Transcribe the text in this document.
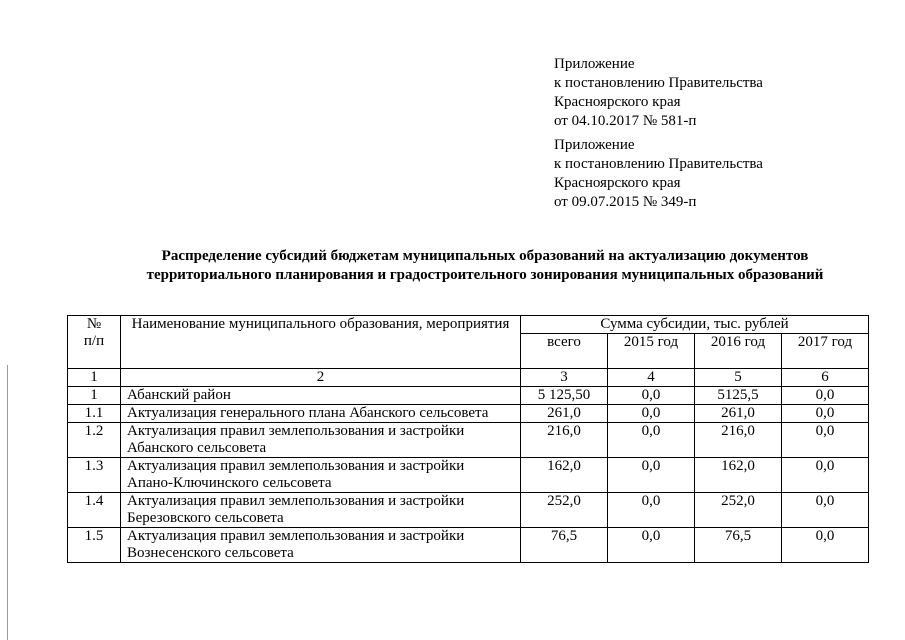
Приложение
к постановлению Правительства
Красноярского края
от 04.10.2017 № 581-п
Приложение
к постановлению Правительства
Красноярского края
от 09.07.2015 № 349-п
Распределение субсидий бюджетам муниципальных образований на актуализацию документов
территориального планирования и градостроительного зонирования муниципальных образований
№
п/п	Наименование муниципального образования, мероприятия	Сумма субсидии, тыс. рублей			
		всего	2015 год	2016 год	2017 год
1	2	3	4	5	6
1	Абанский район	5 125,50	0,0	5125,5	0,0
1.1	Актуализация генерального плана Абанского сельсовета	261,0	0,0	261,0	0,0
1.2	Актуализация правил землепользования и застройки
Абанского сельсовета	216,0	0,0	216,0	0,0
1.3	Актуализация правил землепользования и застройки
Апано-Ключинского сельсовета	162,0	0,0	162,0	0,0
1.4	Актуализация правил землепользования и застройки
Березовского сельсовета	252,0	0,0	252,0	0,0
1.5	Актуализация правил землепользования и застройки
Вознесенского сельсовета	76,5	0,0	76,5	0,0
